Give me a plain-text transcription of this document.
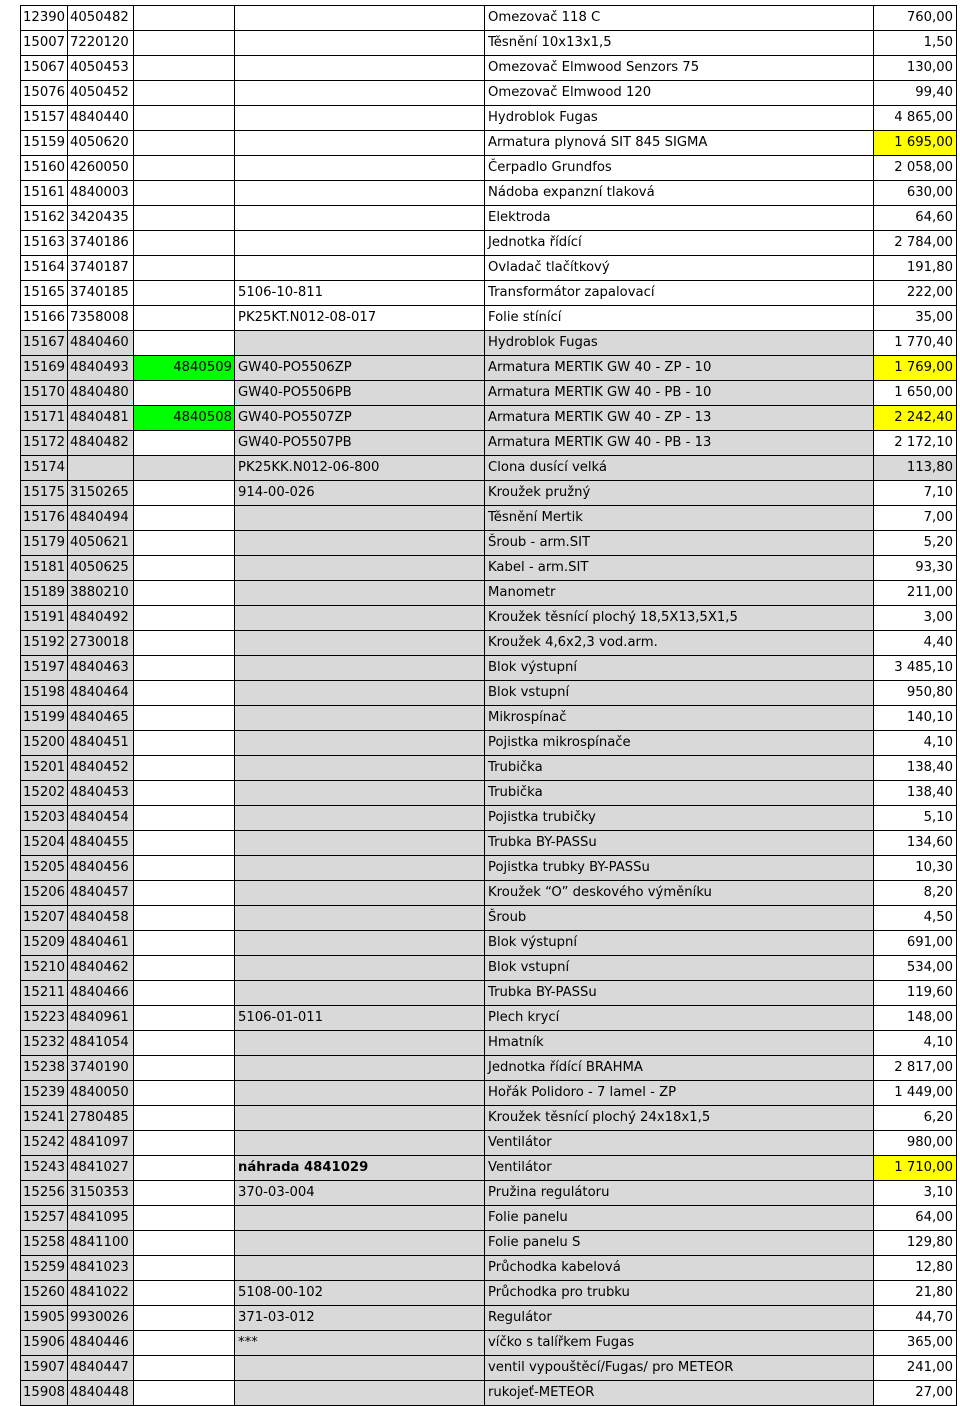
12390	4050482			Omezovač 118 C	760,00
15007	7220120			Těsnění 10x13x1,5	1,50
15067	4050453			Omezovač Elmwood Senzors 75	130,00
15076	4050452			Omezovač Elmwood 120	99,40
15157	4840440			Hydroblok Fugas	4 865,00
15159	4050620			Armatura plynová SIT 845 SIGMA	1 695,00
15160	4260050			Čerpadlo Grundfos	2 058,00
15161	4840003			Nádoba expanzní tlaková	630,00
15162	3420435			Elektroda	64,60
15163	3740186			Jednotka řídící	2 784,00
15164	3740187			Ovladač tlačítkový	191,80
15165	3740185		5106-10-811	Transformátor zapalovací	222,00
15166	7358008		PK25KT.N012-08-017	Folie stínící	35,00
15167	4840460			Hydroblok Fugas	1 770,40
15169	4840493	4840509	GW40-PO5506ZP	Armatura MERTIK GW 40 - ZP - 10	1 769,00
15170	4840480		GW40-PO5506PB	Armatura MERTIK GW 40 - PB - 10	1 650,00
15171	4840481	4840508	GW40-PO5507ZP	Armatura MERTIK GW 40 - ZP - 13	2 242,40
15172	4840482		GW40-PO5507PB	Armatura MERTIK GW 40 - PB - 13	2 172,10
15174			PK25KK.N012-06-800	Clona dusící velká	113,80
15175	3150265		914-00-026	Kroužek pružný	7,10
15176	4840494			Těsnění Mertik	7,00
15179	4050621			Šroub - arm.SIT	5,20
15181	4050625			Kabel - arm.SIT	93,30
15189	3880210			Manometr	211,00
15191	4840492			Kroužek těsnící plochý 18,5X13,5X1,5	3,00
15192	2730018			Kroužek 4,6x2,3 vod.arm.	4,40
15197	4840463			Blok výstupní	3 485,10
15198	4840464			Blok vstupní	950,80
15199	4840465			Mikrospínač	140,10
15200	4840451			Pojistka mikrospínače	4,10
15201	4840452			Trubička	138,40
15202	4840453			Trubička	138,40
15203	4840454			Pojistka trubičky	5,10
15204	4840455			Trubka BY-PASSu	134,60
15205	4840456			Pojistka trubky BY-PASSu	10,30
15206	4840457			Kroužek “O” deskového výměníku	8,20
15207	4840458			Šroub	4,50
15209	4840461			Blok výstupní	691,00
15210	4840462			Blok vstupní	534,00
15211	4840466			Trubka BY-PASSu	119,60
15223	4840961		5106-01-011	Plech krycí	148,00
15232	4841054			Hmatník	4,10
15238	3740190			Jednotka řídící BRAHMA	2 817,00
15239	4840050			Hořák Polidoro - 7 lamel - ZP	1 449,00
15241	2780485			Kroužek těsnící plochý 24x18x1,5	6,20
15242	4841097			Ventilátor	980,00
15243	4841027		náhrada 4841029	Ventilátor	1 710,00
15256	3150353		370-03-004	Pružina regulátoru	3,10
15257	4841095			Folie panelu	64,00
15258	4841100			Folie panelu S	129,80
15259	4841023			Průchodka kabelová	12,80
15260	4841022		5108-00-102	Průchodka pro trubku	21,80
15905	9930026		371-03-012	Regulátor	44,70
15906	4840446		***	víčko s talířkem Fugas	365,00
15907	4840447			ventil vypouštěcí/Fugas/ pro METEOR	241,00
15908	4840448			rukojeť-METEOR	27,00
